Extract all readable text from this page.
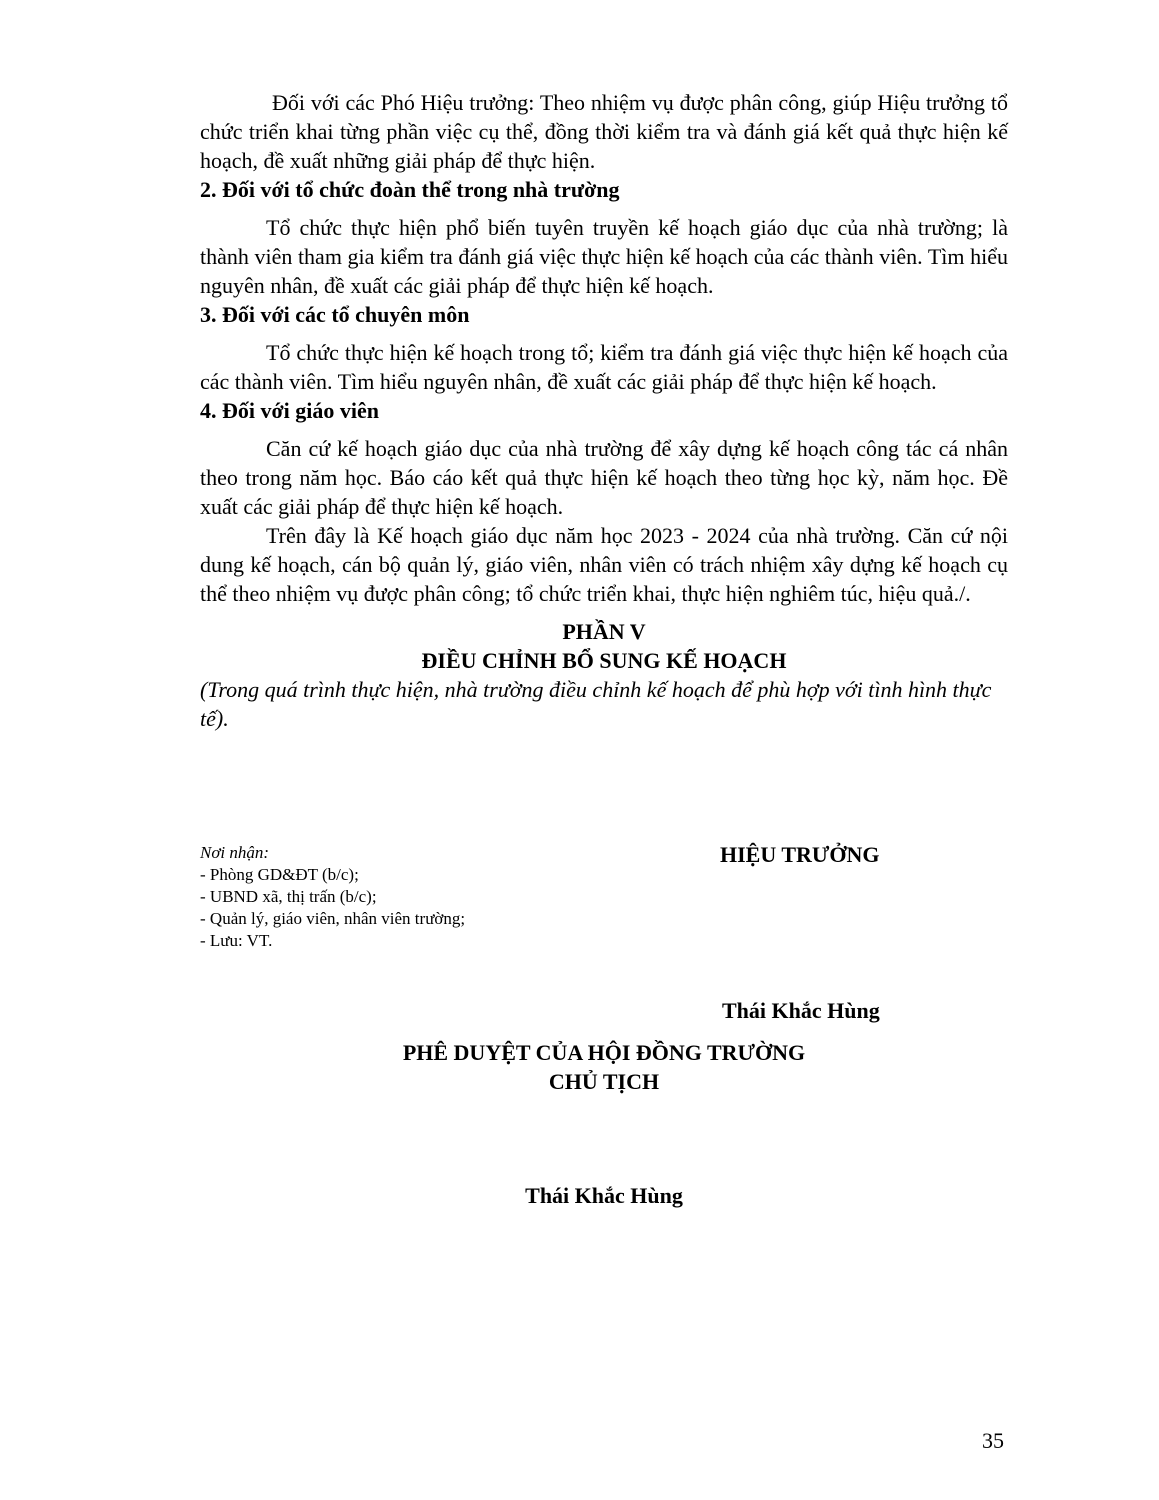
Đối với các Phó Hiệu trưởng: Theo nhiệm vụ được phân công, giúp Hiệu trưởng tổ chức triển khai từng phần việc cụ thể, đồng thời kiểm tra và đánh giá kết quả thực hiện kế hoạch, đề xuất những giải pháp để thực hiện.

2. Đối với tổ chức đoàn thể trong nhà trường

Tổ chức thực hiện phổ biến tuyên truyền kế hoạch giáo dục của nhà trường; là thành viên tham gia kiểm tra đánh giá việc thực hiện kế hoạch của các thành viên. Tìm hiểu nguyên nhân, đề xuất các giải pháp để thực hiện kế hoạch.

3. Đối với các tổ chuyên môn

Tổ chức thực hiện kế hoạch trong tổ; kiểm tra đánh giá việc thực hiện kế hoạch của các thành viên. Tìm hiểu nguyên nhân, đề xuất các giải pháp để thực hiện kế hoạch.

4. Đối với giáo viên

Căn cứ kế hoạch giáo dục của nhà trường để xây dựng kế hoạch công tác cá nhân theo trong năm học. Báo cáo kết quả thực hiện kế hoạch theo từng học kỳ, năm học. Đề xuất các giải pháp để thực hiện kế hoạch.

Trên đây là Kế hoạch giáo dục năm học 2023 - 2024 của nhà trường. Căn cứ nội dung kế hoạch, cán bộ quản lý, giáo viên, nhân viên có trách nhiệm xây dựng kế hoạch cụ thể theo nhiệm vụ được phân công; tổ chức triển khai, thực hiện nghiêm túc, hiệu quả./.

PHẦN V

ĐIỀU CHỈNH BỔ SUNG KẾ HOẠCH

(Trong quá trình thực hiện, nhà trường điều chỉnh kế hoạch để phù hợp với tình hình thực tế).

Nơi nhận:
- Phòng GD&ĐT (b/c);
- UBND xã, thị trấn (b/c);
- Quản lý, giáo viên, nhân viên trường;
- Lưu: VT.
HIỆU TRƯỞNG
Thái Khắc Hùng

PHÊ DUYỆT CỦA HỘI ĐỒNG TRƯỜNG

CHỦ TỊCH

Thái Khắc Hùng
35
